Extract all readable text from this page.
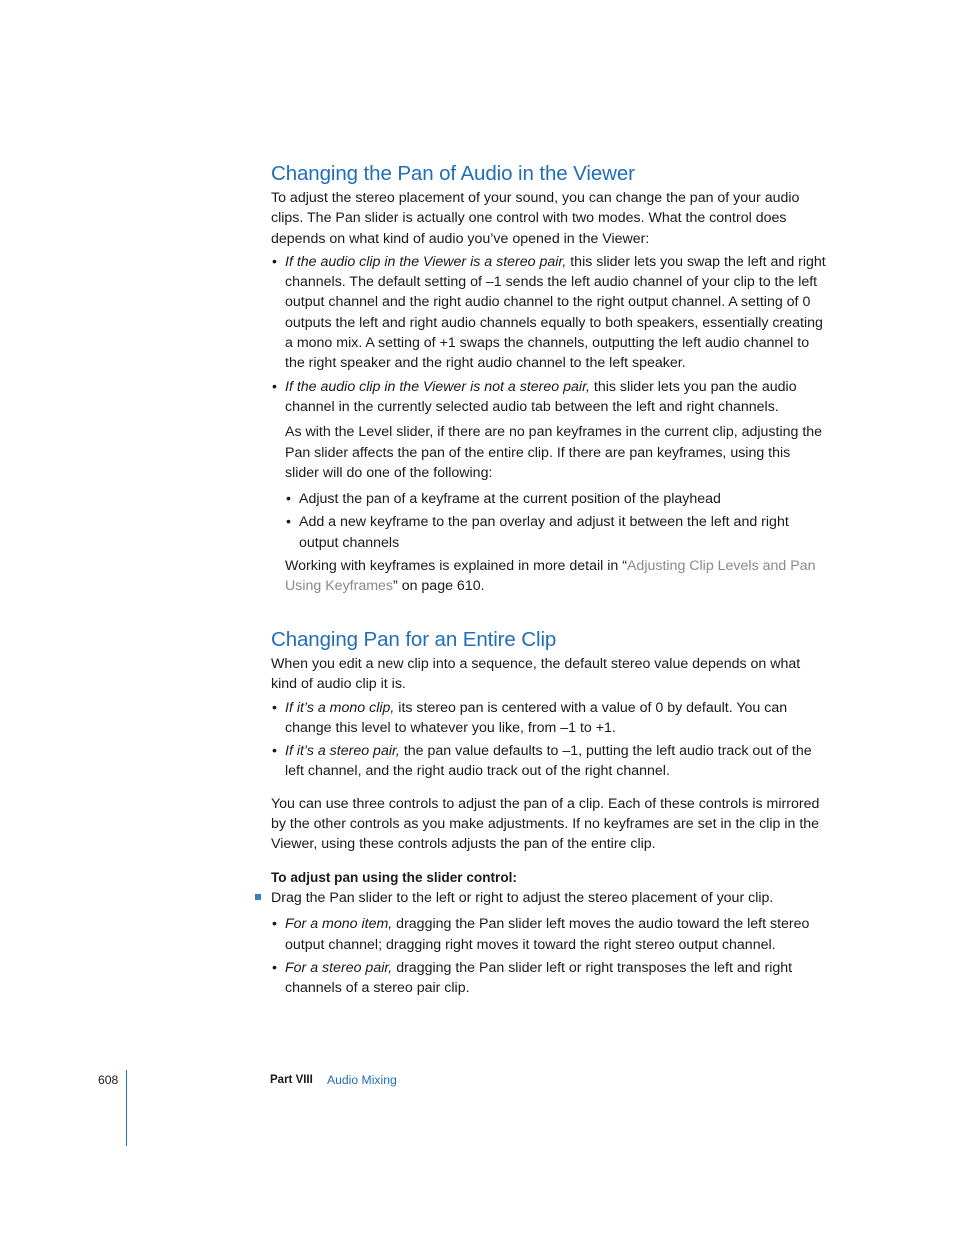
Changing the Pan of Audio in the Viewer

To adjust the stereo placement of your sound, you can change the pan of your audio clips. The Pan slider is actually one control with two modes. What the control does depends on what kind of audio you’ve opened in the Viewer:

• If the audio clip in the Viewer is a stereo pair, this slider lets you swap the left and right channels. The default setting of –1 sends the left audio channel of your clip to the left output channel and the right audio channel to the right output channel. A setting of 0 outputs the left and right audio channels equally to both speakers, essentially creating a mono mix. A setting of +1 swaps the channels, outputting the left audio channel to the right speaker and the right audio channel to the left speaker.
• If the audio clip in the Viewer is not a stereo pair, this slider lets you pan the audio channel in the currently selected audio tab between the left and right channels.

As with the Level slider, if there are no pan keyframes in the current clip, adjusting the Pan slider affects the pan of the entire clip. If there are pan keyframes, using this slider will do one of the following:

• Adjust the pan of a keyframe at the current position of the playhead
• Add a new keyframe to the pan overlay and adjust it between the left and right output channels

Working with keyframes is explained in more detail in “Adjusting Clip Levels and Pan Using Keyframes” on page 610.

Changing Pan for an Entire Clip

When you edit a new clip into a sequence, the default stereo value depends on what kind of audio clip it is.

• If it’s a mono clip, its stereo pan is centered with a value of 0 by default. You can change this level to whatever you like, from –1 to +1.
• If it’s a stereo pair, the pan value defaults to –1, putting the left audio track out of the left channel, and the right audio track out of the right channel.

You can use three controls to adjust the pan of a clip. Each of these controls is mirrored by the other controls as you make adjustments. If no keyframes are set in the clip in the Viewer, using these controls adjusts the pan of the entire clip.

To adjust pan using the slider control:

Drag the Pan slider to the left or right to adjust the stereo placement of your clip.

• For a mono item, dragging the Pan slider left moves the audio toward the left stereo output channel; dragging right moves it toward the right stereo output channel.
• For a stereo pair, dragging the Pan slider left or right transposes the left and right channels of a stereo pair clip.
608	Part VIII Audio Mixing
